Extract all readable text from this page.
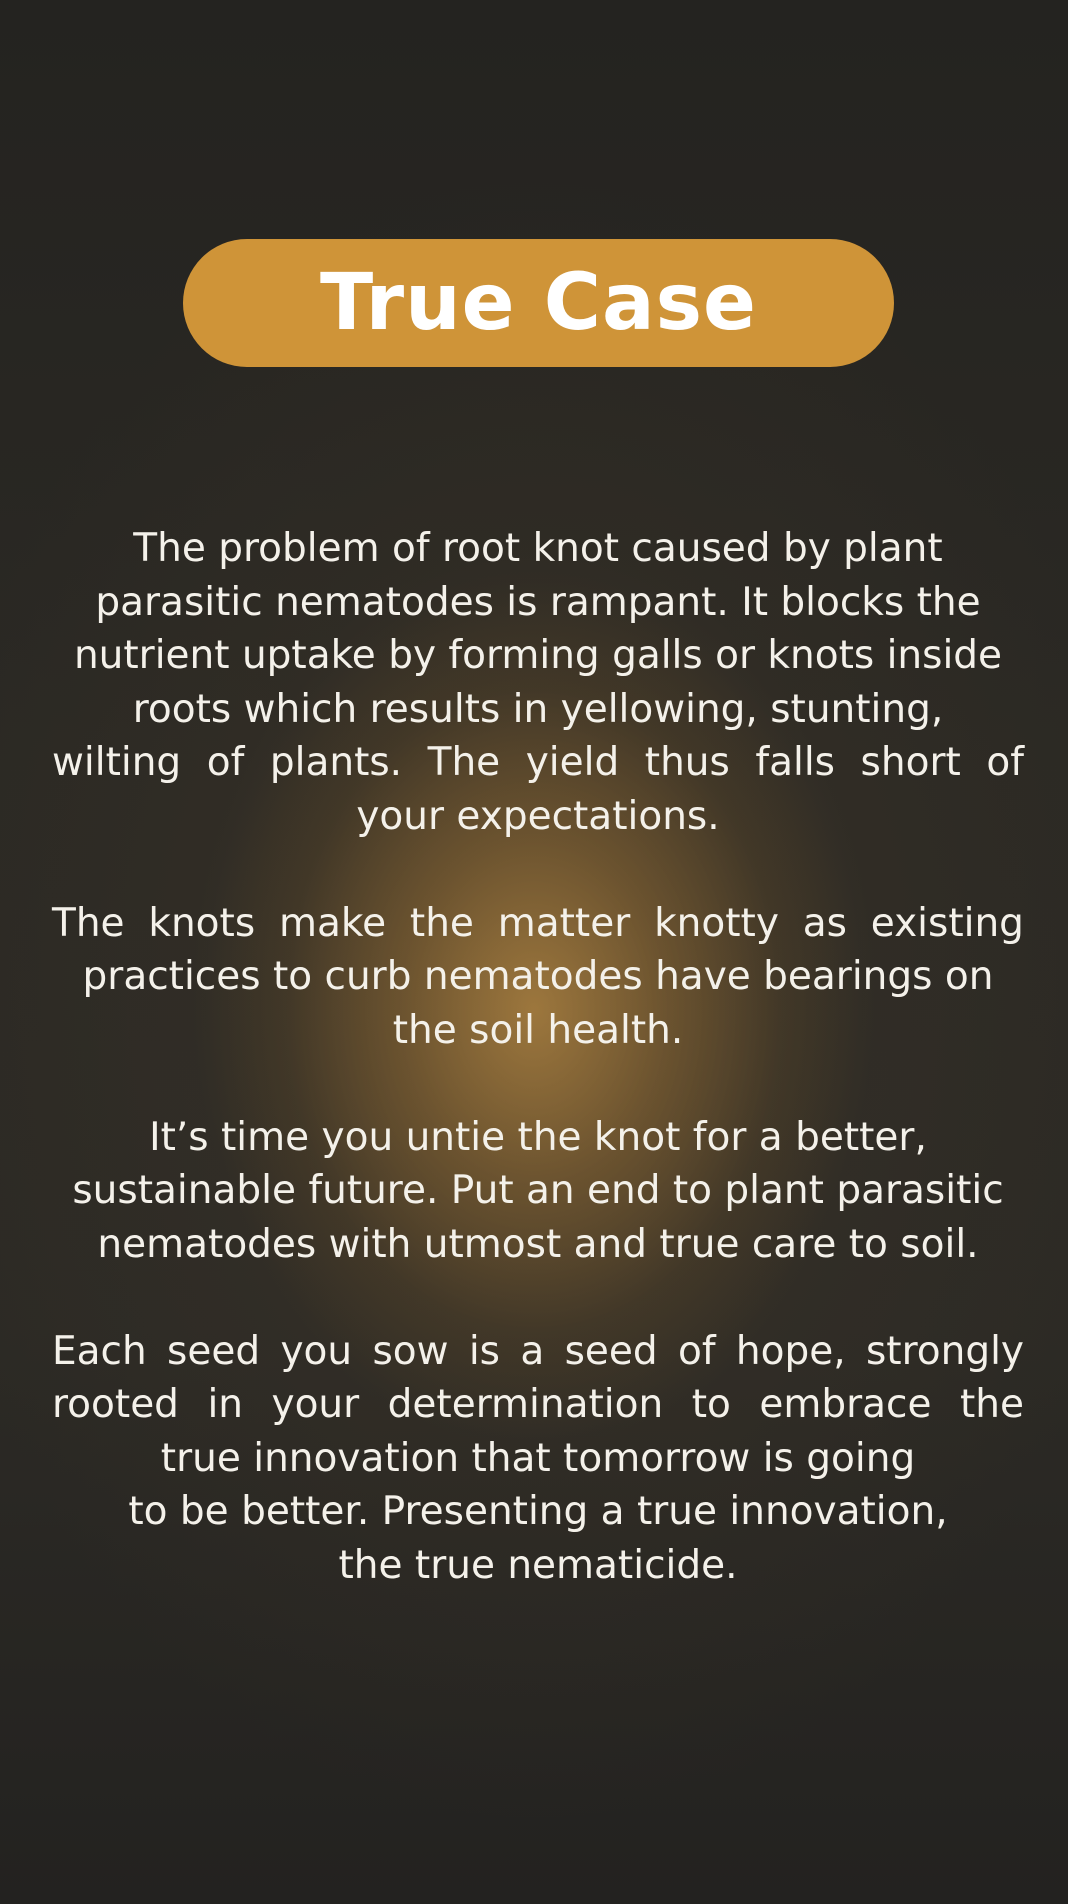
True Case
The problem of root knot caused by plant
parasitic nematodes is rampant. It blocks the
nutrient uptake by forming galls or knots inside
roots which results in yellowing, stunting,
wilting of plants. The yield thus falls short of
your expectations.
The knots make the matter knotty as existing
practices to curb nematodes have bearings on
the soil health.
It’s time you untie the knot for a better,
sustainable future. Put an end to plant parasitic
nematodes with utmost and true care to soil.
Each seed you sow is a seed of hope, strongly
rooted in your determination to embrace the
true innovation that tomorrow is going
to be better. Presenting a true innovation,
the true nematicide.
